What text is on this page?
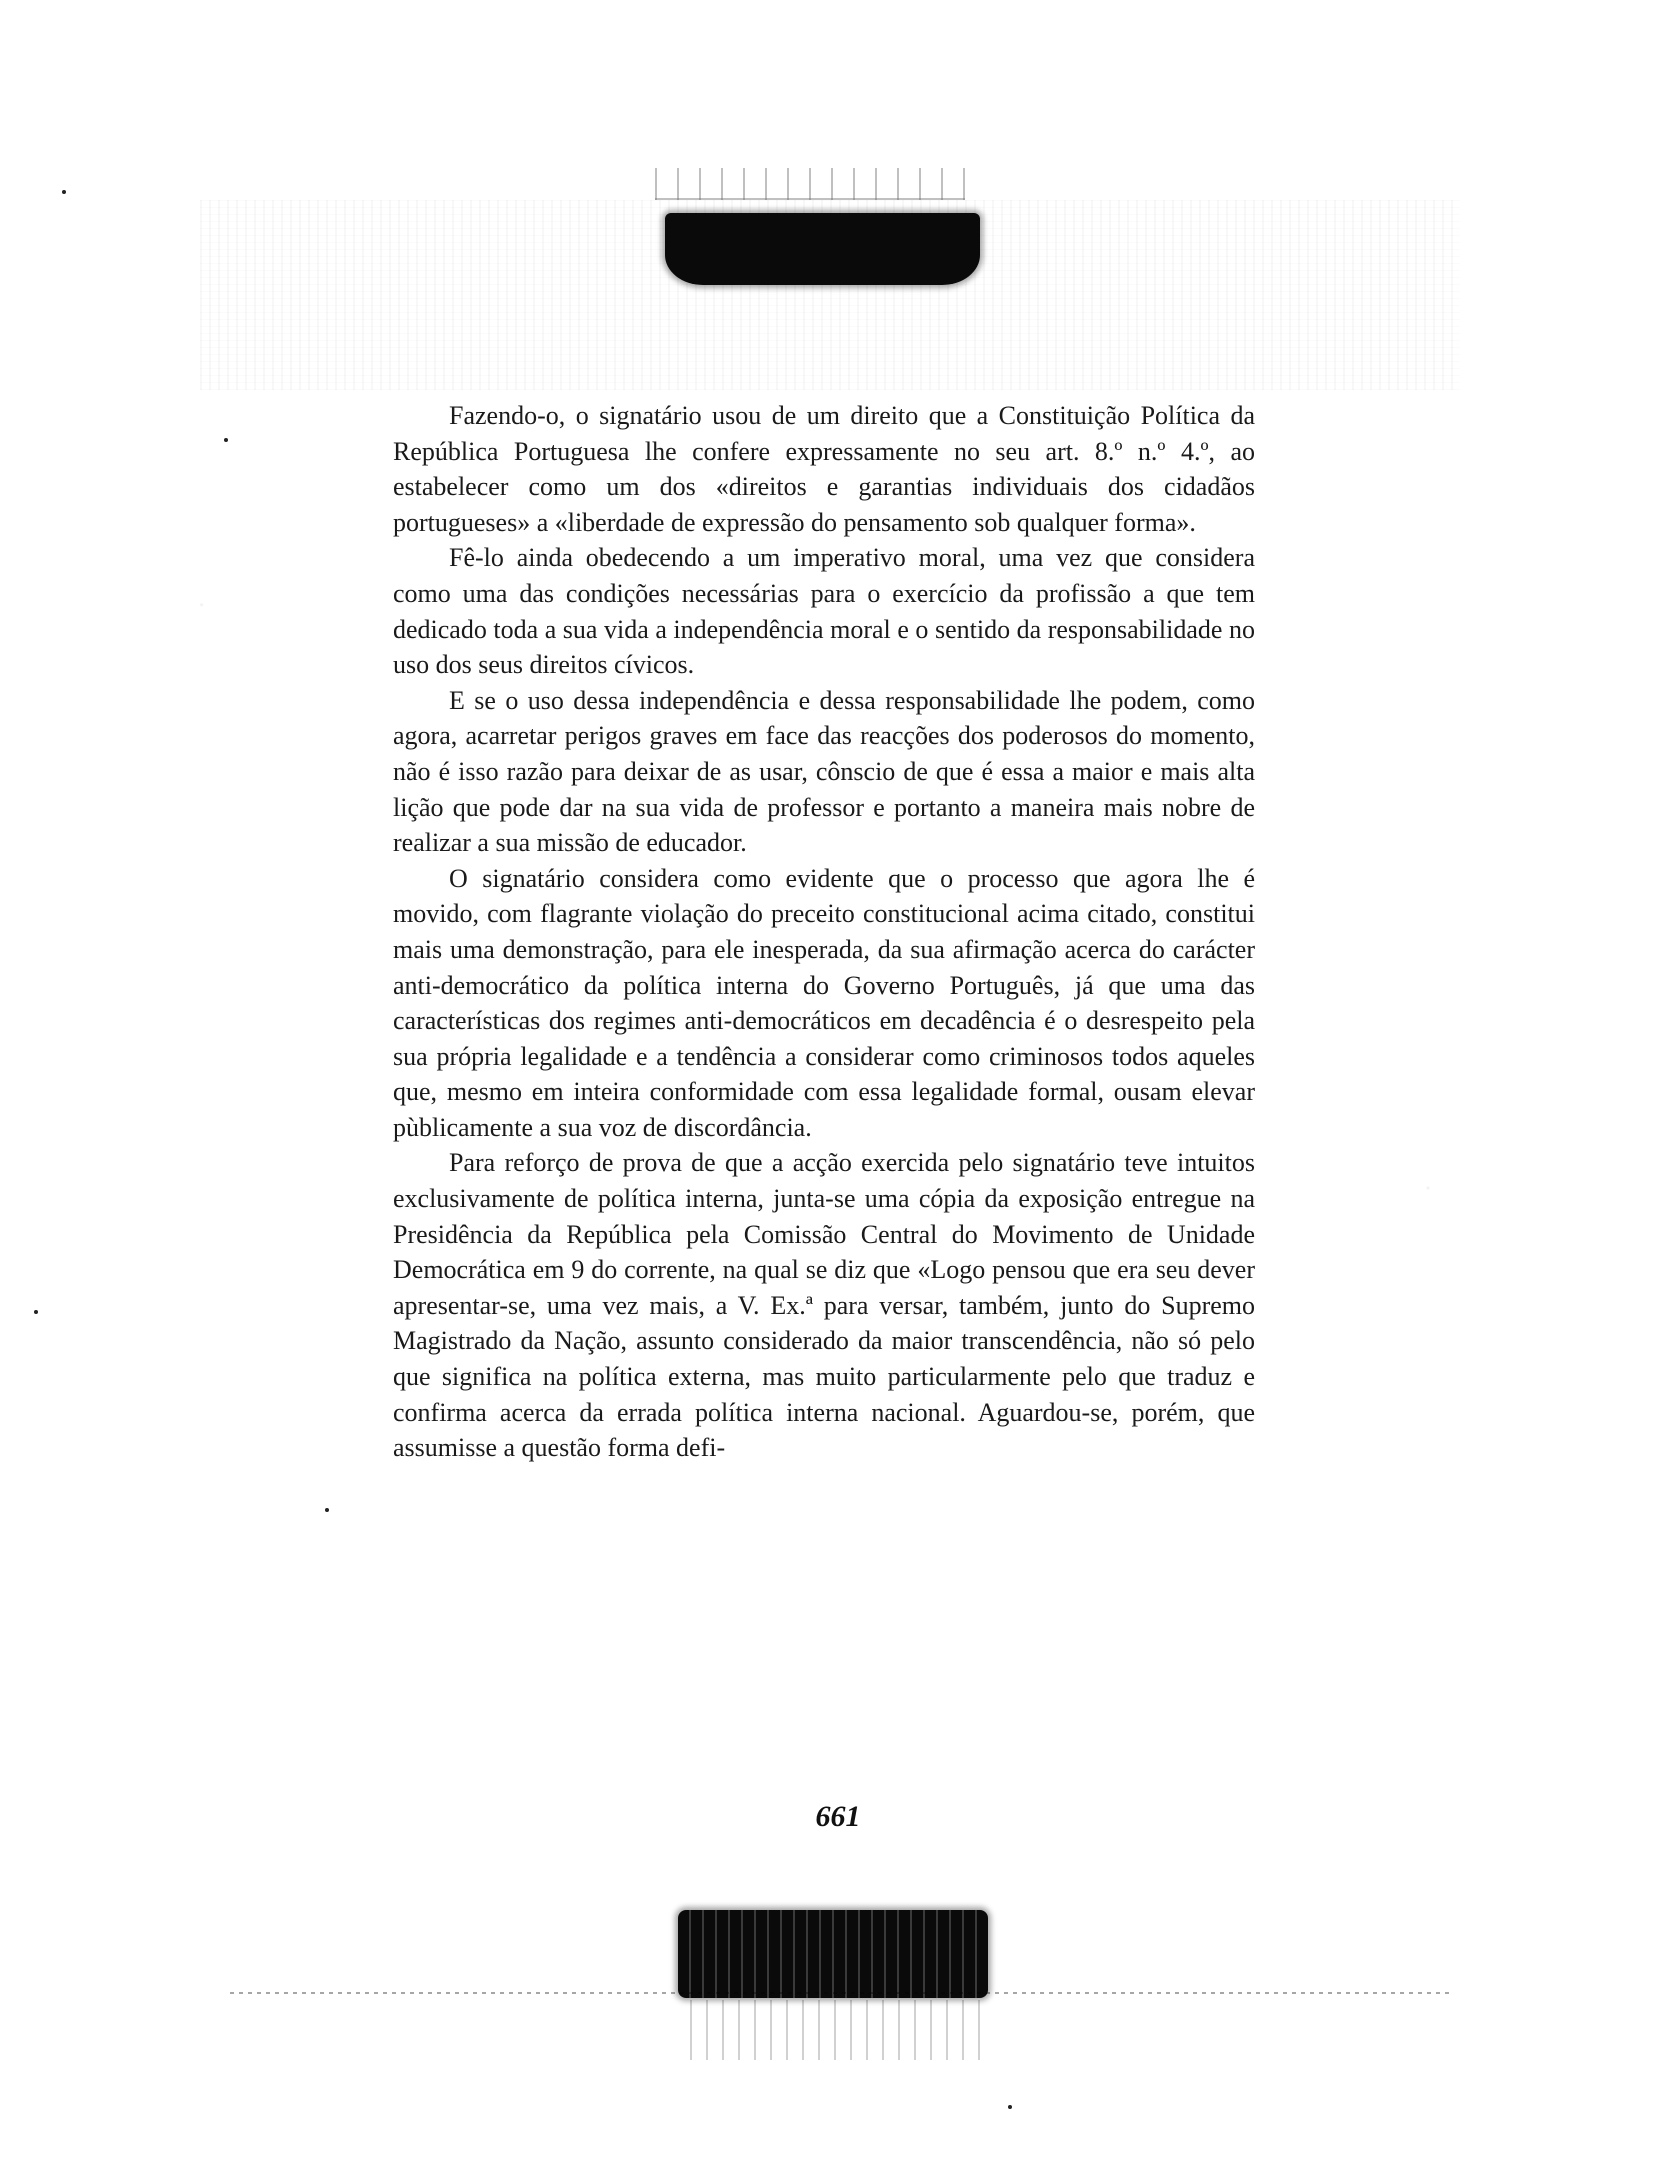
Fazendo-o, o signatário usou de um direito que a Constituição Política da República Portuguesa lhe confere expressamente no seu art. 8.º n.º 4.º, ao estabelecer como um dos «direitos e garantias individuais dos cidadãos portugueses» a «liberdade de expressão do pensamento sob qualquer forma».

Fê-lo ainda obedecendo a um imperativo moral, uma vez que considera como uma das condições necessárias para o exercício da profissão a que tem dedicado toda a sua vida a independência moral e o sentido da responsabilidade no uso dos seus direitos cívicos.

E se o uso dessa independência e dessa responsabilidade lhe podem, como agora, acarretar perigos graves em face das reacções dos poderosos do momento, não é isso razão para deixar de as usar, cônscio de que é essa a maior e mais alta lição que pode dar na sua vida de professor e portanto a maneira mais nobre de realizar a sua missão de educador.

O signatário considera como evidente que o processo que agora lhe é movido, com flagrante violação do preceito constitucional acima citado, constitui mais uma demonstração, para ele inesperada, da sua afirmação acerca do carácter anti-democrático da política interna do Governo Português, já que uma das características dos regimes anti-democráticos em decadência é o desrespeito pela sua própria legalidade e a tendência a considerar como criminosos todos aqueles que, mesmo em inteira conformidade com essa legalidade formal, ousam elevar pùblicamente a sua voz de discordância.

Para reforço de prova de que a acção exercida pelo signatário teve intuitos exclusivamente de política interna, junta-se uma cópia da exposição entregue na Presidência da República pela Comissão Central do Movimento de Unidade Democrática em 9 do corrente, na qual se diz que «Logo pensou que era seu dever apresentar-se, uma vez mais, a V. Ex.ª para versar, também, junto do Supremo Magistrado da Nação, assunto considerado da maior transcendência, não só pelo que significa na política externa, mas muito particularmente pelo que traduz e confirma acerca da errada política interna nacional. Aguardou-se, porém, que assumisse a questão forma defi-

661
